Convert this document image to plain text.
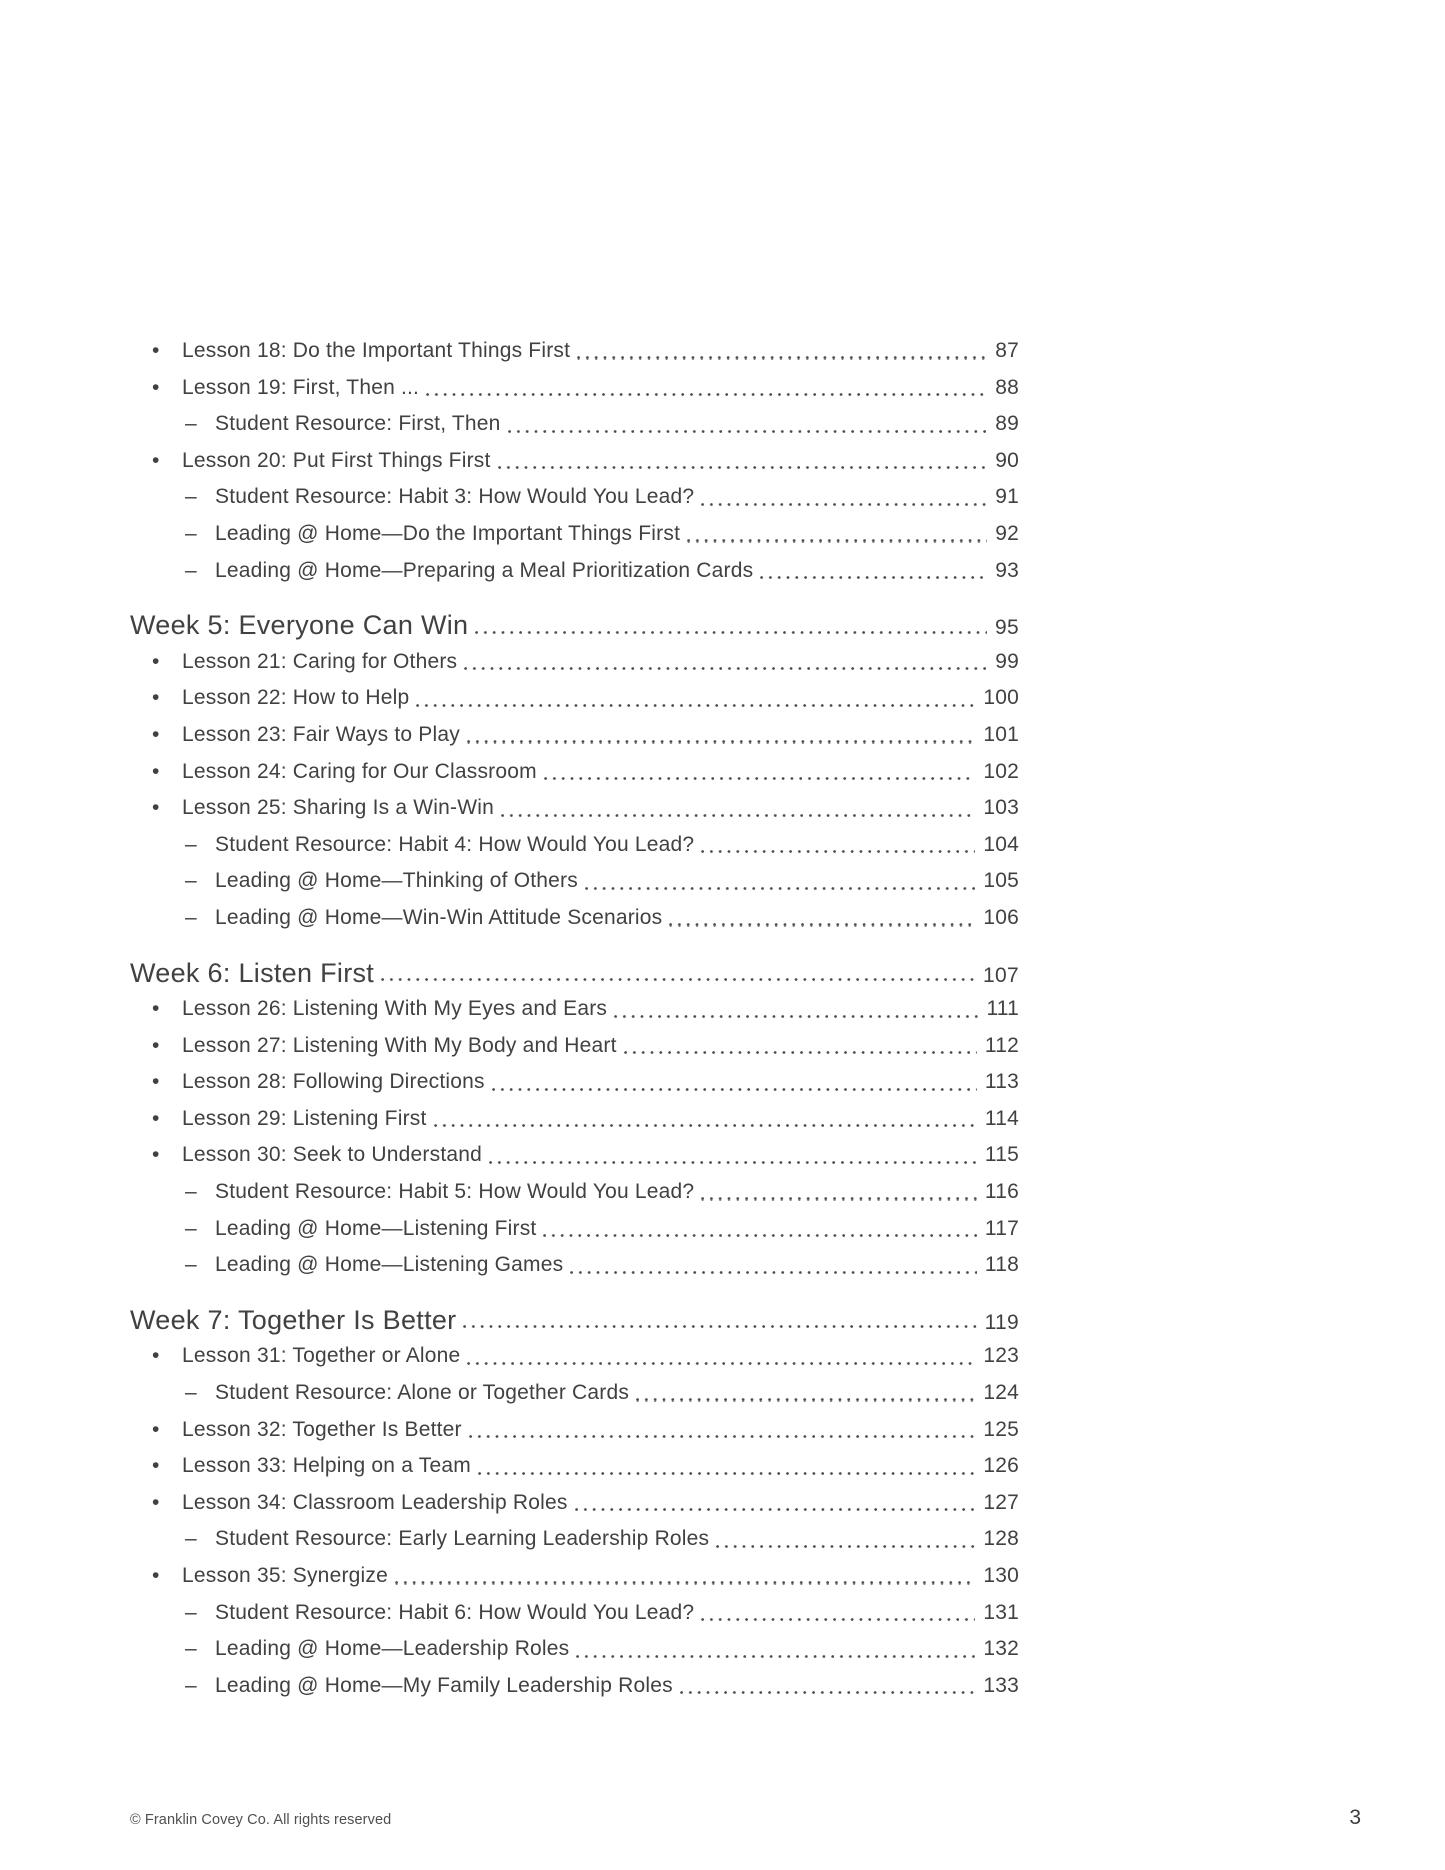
•	Lesson 18: Do the Important Things First	87
•	Lesson 19: First, Then ...	88
– Student Resource: First, Then	89
•	Lesson 20: Put First Things First	90
– Student Resource: Habit 3: How Would You Lead?	91
– Leading @ Home—Do the Important Things First	92
– Leading @ Home—Preparing a Meal Prioritization Cards	93
Week 5: Everyone Can Win	95
•	Lesson 21: Caring for Others	99
•	Lesson 22: How to Help	100
•	Lesson 23: Fair Ways to Play	101
•	Lesson 24: Caring for Our Classroom	102
•	Lesson 25: Sharing Is a Win-Win	103
– Student Resource: Habit 4: How Would You Lead?	104
– Leading @ Home—Thinking of Others	105
– Leading @ Home—Win-Win Attitude Scenarios	106
Week 6: Listen First	107
•	Lesson 26: Listening With My Eyes and Ears	111
•	Lesson 27: Listening With My Body and Heart	112
•	Lesson 28: Following Directions	113
•	Lesson 29: Listening First	114
•	Lesson 30: Seek to Understand	115
– Student Resource: Habit 5: How Would You Lead?	116
– Leading @ Home—Listening First	117
– Leading @ Home—Listening Games	118
Week 7: Together Is Better	119
•	Lesson 31: Together or Alone	123
– Student Resource: Alone or Together Cards	124
•	Lesson 32: Together Is Better	125
•	Lesson 33: Helping on a Team	126
•	Lesson 34: Classroom Leadership Roles	127
– Student Resource: Early Learning Leadership Roles	128
•	Lesson 35: Synergize	130
– Student Resource: Habit 6: How Would You Lead?	131
– Leading @ Home—Leadership Roles	132
– Leading @ Home—My Family Leadership Roles	133
© Franklin Covey Co. All rights reserved	3
